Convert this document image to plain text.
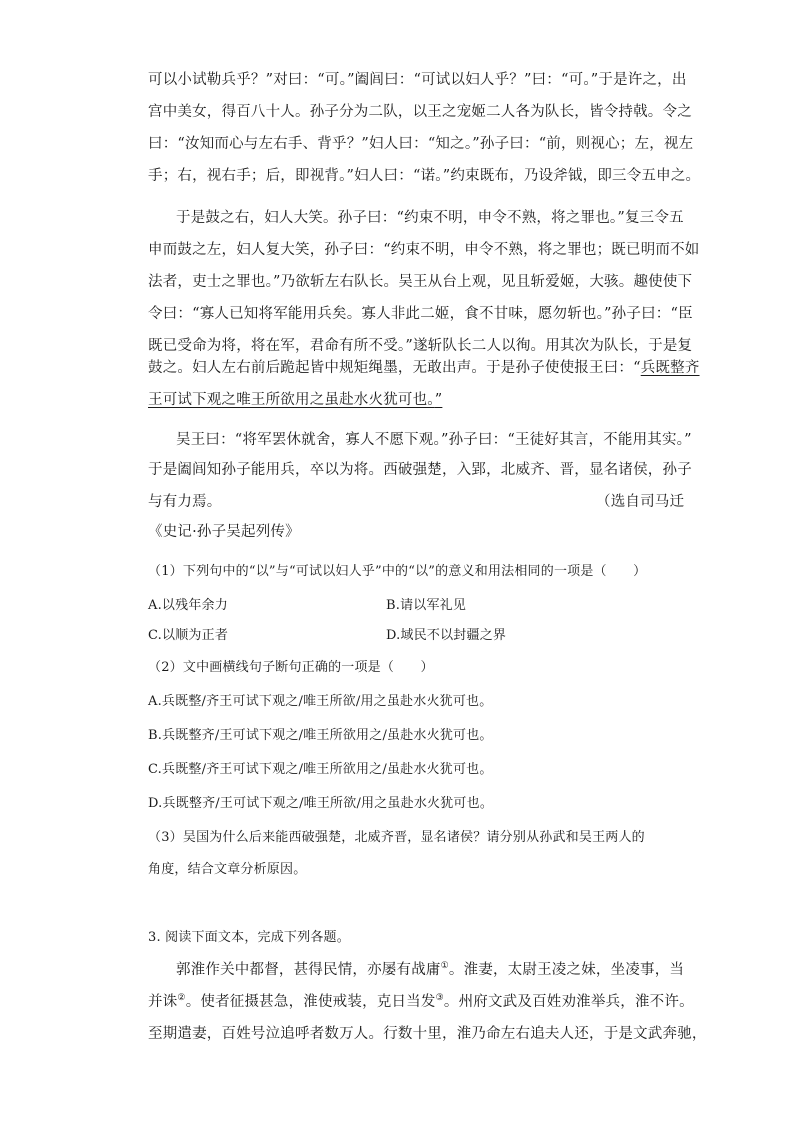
可以小试勒兵乎？”对曰：“可。”阖闾曰：“可试以妇人乎？”曰：“可。”于是许之，出
宫中美女，得百八十人。孙子分为二队，以王之宠姬二人各为队长，皆令持戟。令之
曰：“汝知而心与左右手、背乎？”妇人曰：“知之。”孙子曰：“前，则视心；左，视左
手；右，视右手；后，即视背。”妇人曰：“诺。”约束既布，乃设斧钺，即三令五申之。
于是鼓之右，妇人大笑。孙子曰：“约束不明，申令不熟，将之罪也。”复三令五
申而鼓之左，妇人复大笑，孙子曰：“约束不明，申令不熟，将之罪也；既已明而不如
法者，吏士之罪也。”乃欲斩左右队长。吴王从台上观，见且斩爱姬，大骇。趣使使下
令曰：“寡人已知将军能用兵矣。寡人非此二姬，食不甘味，愿勿斩也。”孙子曰：“臣
既已受命为将，将在军，君命有所不受。”遂斩队长二人以徇。用其次为队长，于是复
鼓之。妇人左右前后跪起皆中规矩绳墨，无敢出声。于是孙子使使报王曰：“兵既整齐
王可试下观之唯王所欲用之虽赴水火犹可也。”
吴王曰：“将军罢休就舍，寡人不愿下观。”孙子曰：“王徒好其言，不能用其实。”
于是阖闾知孙子能用兵，卒以为将。西破强楚，入郢，北威齐、晋，显名诸侯，孙子
与有力焉。	（选自司马迁
《史记·孙子吴起列传》
（1）下列句中的“以”与“可试以妇人乎”中的“以”的意义和用法相同的一项是（　　）
A.以残年余力	B.请以军礼见
C.以顺为正者	D.域民不以封疆之界
（2）文中画横线句子断句正确的一项是（　　）
A.兵既整/齐王可试下观之/唯王所欲/用之虽赴水火犹可也。
B.兵既整齐/王可试下观之/唯王所欲用之/虽赴水火犹可也。
C.兵既整/齐王可试下观之/唯王所欲用之/虽赴水火犹可也。
D.兵既整齐/王可试下观之/唯王所欲/用之虽赴水火犹可也。
（3）吴国为什么后来能西破强楚，北威齐晋，显名诸侯？请分别从孙武和吴王两人的
角度，结合文章分析原因。
3. 阅读下面文本，完成下列各题。
郭淮作关中都督，甚得民情，亦屡有战庸①。淮妻，太尉王凌之妹，坐凌事，当
并诛②。使者征摄甚急，淮使戒装，克日当发③。州府文武及百姓劝淮举兵，淮不许。
至期遣妻，百姓号泣追呼者数万人。行数十里，淮乃命左右追夫人还，于是文武奔驰，
